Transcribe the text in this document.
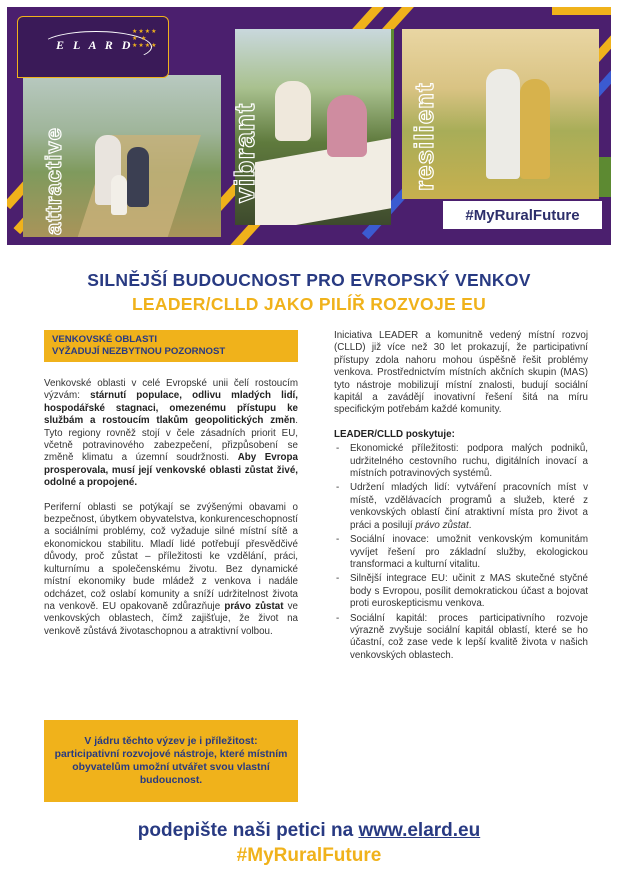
attractive	vibrant	resilient
E L A R D
★★★★ ★ ★ ★★★★
#MyRuralFuture
SILNĚJŠÍ BUDOUCNOST PRO EVROPSKÝ VENKOV
LEADER/CLLD JAKO PILÍŘ ROZVOJE EU
VENKOVSKÉ OBLASTI
VYŽADUJÍ NEZBYTNOU POZORNOST

Venkovské oblasti v celé Evropské unii čelí rostoucím výzvám: stárnutí populace, odlivu mladých lidí, hospodářské stagnaci, omezenému přístupu ke službám a rostoucím tlakům geopolitických změn. Tyto regiony rovněž stojí v čele zásadních priorit EU, včetně potravinového zabezpečení, přizpůsobení se změně klimatu a územní soudržnosti. Aby Evropa prosperovala, musí její venkovské oblasti zůstat živé, odolné a propojené.

Periferní oblasti se potýkají se zvýšenými obavami o bezpečnost, úbytkem obyvatelstva, konkurenceschopností a sociálními problémy, což vyžaduje silné místní sítě a ekonomickou stabilitu. Mladí lidé potřebují přesvědčivé důvody, proč zůstat – příležitosti ke vzdělání, práci, kulturnímu a společenskému životu. Bez dynamické místní ekonomiky bude mládež z venkova i nadále odcházet, což oslabí komunity a sníží udržitelnost života na venkově. EU opakovaně zdůrazňuje právo zůstat ve venkovských oblastech, čímž zajišťuje, že život na venkově zůstává životaschopnou a atraktivní volbou.

V jádru těchto výzev je i příležitost: participativní rozvojové nástroje, které místním obyvatelům umožní utvářet svou vlastní budoucnost.

Iniciativa LEADER a komunitně vedený místní rozvoj (CLLD) již více než 30 let prokazují, že participativní přístupy zdola nahoru mohou úspěšně řešit problémy venkova. Prostřednictvím místních akčních skupin (MAS) tyto nástroje mobilizují místní znalosti, budují sociální kapitál a zavádějí inovativní řešení šitá na míru specifickým potřebám každé komunity.

LEADER/CLLD poskytuje:
- Ekonomické příležitosti: podpora malých podniků, udržitelného cestovního ruchu, digitálních inovací a místních potravinových systémů.
- Udržení mladých lidí: vytváření pracovních míst v místě, vzdělávacích programů a služeb, které z venkovských oblastí činí atraktivní místa pro život a práci a posilují právo zůstat.
- Sociální inovace: umožnit venkovským komunitám vyvíjet řešení pro základní služby, ekologickou transformaci a kulturní vitalitu.
- Silnější integrace EU: učinit z MAS skutečné styčné body s Evropou, posílit demokratickou účast a bojovat proti euroskepticismu venkova.
- Sociální kapitál: proces participativního rozvoje výrazně zvyšuje sociální kapitál oblastí, které se ho účastní, což zase vede k lepší kvalitě života v našich venkovských oblastech.
podepište naši petici na www.elard.eu
#MyRuralFuture
